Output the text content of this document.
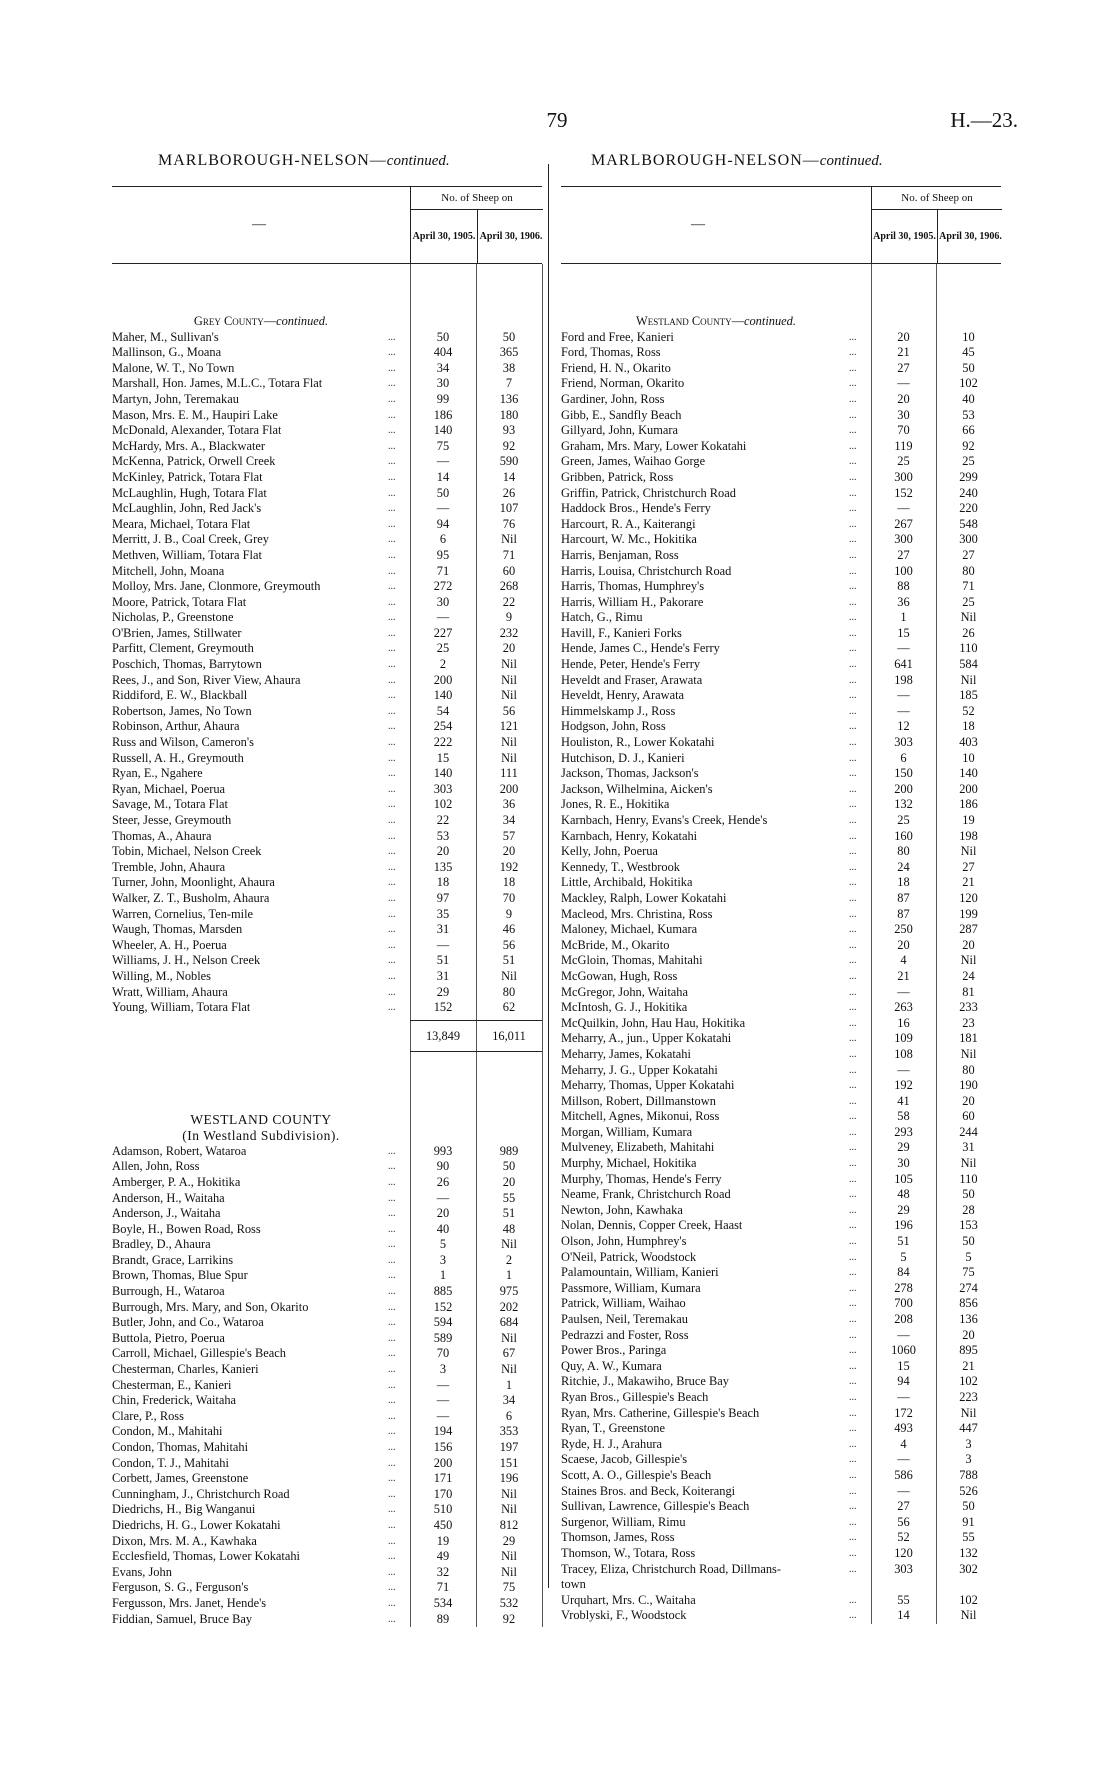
79	H.—23.
MARLBOROUGH-NELSON—continued.	MARLBOROUGH-NELSON—continued.
—
No. of Sheep on
April 30, 1905. April 30, 1906.
Grey County—continued.
Maher, M., Sullivan's	...	50	50
Mallinson, G., Moana	...	404	365
Malone, W. T., No Town	...	34	38
Marshall, Hon. James, M.L.C., Totara Flat	...	30	7
Martyn, John, Teremakau	...	99	136
Mason, Mrs. E. M., Haupiri Lake	...	186	180
McDonald, Alexander, Totara Flat	...	140	93
McHardy, Mrs. A., Blackwater	...	75	92
McKenna, Patrick, Orwell Creek	...	—	590
McKinley, Patrick, Totara Flat	...	14	14
McLaughlin, Hugh, Totara Flat	...	50	26
McLaughlin, John, Red Jack's	...	—	107
Meara, Michael, Totara Flat	...	94	76
Merritt, J. B., Coal Creek, Grey	...	6	Nil
Methven, William, Totara Flat	...	95	71
Mitchell, John, Moana	...	71	60
Molloy, Mrs. Jane, Clonmore, Greymouth	...	272	268
Moore, Patrick, Totara Flat	...	30	22
Nicholas, P., Greenstone	...	—	9
O'Brien, James, Stillwater	...	227	232
Parfitt, Clement, Greymouth	...	25	20
Poschich, Thomas, Barrytown	...	2	Nil
Rees, J., and Son, River View, Ahaura	...	200	Nil
Riddiford, E. W., Blackball	...	140	Nil
Robertson, James, No Town	...	54	56
Robinson, Arthur, Ahaura	...	254	121
Russ and Wilson, Cameron's	...	222	Nil
Russell, A. H., Greymouth	...	15	Nil
Ryan, E., Ngahere	...	140	111
Ryan, Michael, Poerua	...	303	200
Savage, M., Totara Flat	...	102	36
Steer, Jesse, Greymouth	...	22	34
Thomas, A., Ahaura	...	53	57
Tobin, Michael, Nelson Creek	...	20	20
Tremble, John, Ahaura	...	135	192
Turner, John, Moonlight, Ahaura	...	18	18
Walker, Z. T., Busholm, Ahaura	...	97	70
Warren, Cornelius, Ten-mile	...	35	9
Waugh, Thomas, Marsden	...	31	46
Wheeler, A. H., Poerua	...	—	56
Williams, J. H., Nelson Creek	...	51	51
Willing, M., Nobles	...	31	Nil
Wratt, William, Ahaura	...	29	80
Young, William, Totara Flat	...	152	62
13,849	16,011
WESTLAND COUNTY
(In Westland Subdivision).
Adamson, Robert, Wataroa	...	993	989
Allen, John, Ross	...	90	50
Amberger, P. A., Hokitika	...	26	20
Anderson, H., Waitaha	...	—	55
Anderson, J., Waitaha	...	20	51
Boyle, H., Bowen Road, Ross	...	40	48
Bradley, D., Ahaura	...	5	Nil
Brandt, Grace, Larrikins	...	3	2
Brown, Thomas, Blue Spur	...	1	1
Burrough, H., Wataroa	...	885	975
Burrough, Mrs. Mary, and Son, Okarito	...	152	202
Butler, John, and Co., Wataroa	...	594	684
Buttola, Pietro, Poerua	...	589	Nil
Carroll, Michael, Gillespie's Beach	...	70	67
Chesterman, Charles, Kanieri	...	3	Nil
Chesterman, E., Kanieri	...	—	1
Chin, Frederick, Waitaha	...	—	34
Clare, P., Ross	...	—	6
Condon, M., Mahitahi	...	194	353
Condon, Thomas, Mahitahi	...	156	197
Condon, T. J., Mahitahi	...	200	151
Corbett, James, Greenstone	...	171	196
Cunningham, J., Christchurch Road	...	170	Nil
Diedrichs, H., Big Wanganui	...	510	Nil
Diedrichs, H. G., Lower Kokatahi	...	450	812
Dixon, Mrs. M. A., Kawhaka	...	19	29
Ecclesfield, Thomas, Lower Kokatahi	...	49	Nil
Evans, John	...	32	Nil
Ferguson, S. G., Ferguson's	...	71	75
Fergusson, Mrs. Janet, Hende's	...	534	532
Fiddian, Samuel, Bruce Bay	...	89	92
—
No. of Sheep on
April 30, 1905. April 30, 1906.
Westland County—continued.
Ford and Free, Kanieri	...	20	10
Ford, Thomas, Ross	...	21	45
Friend, H. N., Okarito	...	27	50
Friend, Norman, Okarito	...	—	102
Gardiner, John, Ross	...	20	40
Gibb, E., Sandfly Beach	...	30	53
Gillyard, John, Kumara	...	70	66
Graham, Mrs. Mary, Lower Kokatahi	...	119	92
Green, James, Waihao Gorge	...	25	25
Gribben, Patrick, Ross	...	300	299
Griffin, Patrick, Christchurch Road	...	152	240
Haddock Bros., Hende's Ferry	...	—	220
Harcourt, R. A., Kaiterangi	...	267	548
Harcourt, W. Mc., Hokitika	...	300	300
Harris, Benjaman, Ross	...	27	27
Harris, Louisa, Christchurch Road	...	100	80
Harris, Thomas, Humphrey's	...	88	71
Harris, William H., Pakorare	...	36	25
Hatch, G., Rimu	...	1	Nil
Havill, F., Kanieri Forks	...	15	26
Hende, James C., Hende's Ferry	...	—	110
Hende, Peter, Hende's Ferry	...	641	584
Heveldt and Fraser, Arawata	...	198	Nil
Heveldt, Henry, Arawata	...	—	185
Himmelskamp J., Ross	...	—	52
Hodgson, John, Ross	...	12	18
Houliston, R., Lower Kokatahi	...	303	403
Hutchison, D. J., Kanieri	...	6	10
Jackson, Thomas, Jackson's	...	150	140
Jackson, Wilhelmina, Aicken's	...	200	200
Jones, R. E., Hokitika	...	132	186
Karnbach, Henry, Evans's Creek, Hende's	...	25	19
Karnbach, Henry, Kokatahi	...	160	198
Kelly, John, Poerua	...	80	Nil
Kennedy, T., Westbrook	...	24	27
Little, Archibald, Hokitika	...	18	21
Mackley, Ralph, Lower Kokatahi	...	87	120
Macleod, Mrs. Christina, Ross	...	87	199
Maloney, Michael, Kumara	...	250	287
McBride, M., Okarito	...	20	20
McGloin, Thomas, Mahitahi	...	4	Nil
McGowan, Hugh, Ross	...	21	24
McGregor, John, Waitaha	...	—	81
McIntosh, G. J., Hokitika	...	263	233
McQuilkin, John, Hau Hau, Hokitika	...	16	23
Meharry, A., jun., Upper Kokatahi	...	109	181
Meharry, James, Kokatahi	...	108	Nil
Meharry, J. G., Upper Kokatahi	...	—	80
Meharry, Thomas, Upper Kokatahi	...	192	190
Millson, Robert, Dillmanstown	...	41	20
Mitchell, Agnes, Mikonui, Ross	...	58	60
Morgan, William, Kumara	...	293	244
Mulveney, Elizabeth, Mahitahi	...	29	31
Murphy, Michael, Hokitika	...	30	Nil
Murphy, Thomas, Hende's Ferry	...	105	110
Neame, Frank, Christchurch Road	...	48	50
Newton, John, Kawhaka	...	29	28
Nolan, Dennis, Copper Creek, Haast	...	196	153
Olson, John, Humphrey's	...	51	50
O'Neil, Patrick, Woodstock	...	5	5
Palamountain, William, Kanieri	...	84	75
Passmore, William, Kumara	...	278	274
Patrick, William, Waihao	...	700	856
Paulsen, Neil, Teremakau	...	208	136
Pedrazzi and Foster, Ross	...	—	20
Power Bros., Paringa	...	1060	895
Quy, A. W., Kumara	...	15	21
Ritchie, J., Makawiho, Bruce Bay	...	94	102
Ryan Bros., Gillespie's Beach	...	—	223
Ryan, Mrs. Catherine, Gillespie's Beach	...	172	Nil
Ryan, T., Greenstone	...	493	447
Ryde, H. J., Arahura	...	4	3
Scaese, Jacob, Gillespie's	...	—	3
Scott, A. O., Gillespie's Beach	...	586	788
Staines Bros. and Beck, Koiterangi	...	—	526
Sullivan, Lawrence, Gillespie's Beach	...	27	50
Surgenor, William, Rimu	...	56	91
Thomson, James, Ross	...	52	55
Thomson, W., Totara, Ross	...	120	132
Tracey, Eliza, Christchurch Road, Dillmans-	...	303	302
town
Urquhart, Mrs. C., Waitaha	...	55	102
Vroblyski, F., Woodstock	...	14	Nil
